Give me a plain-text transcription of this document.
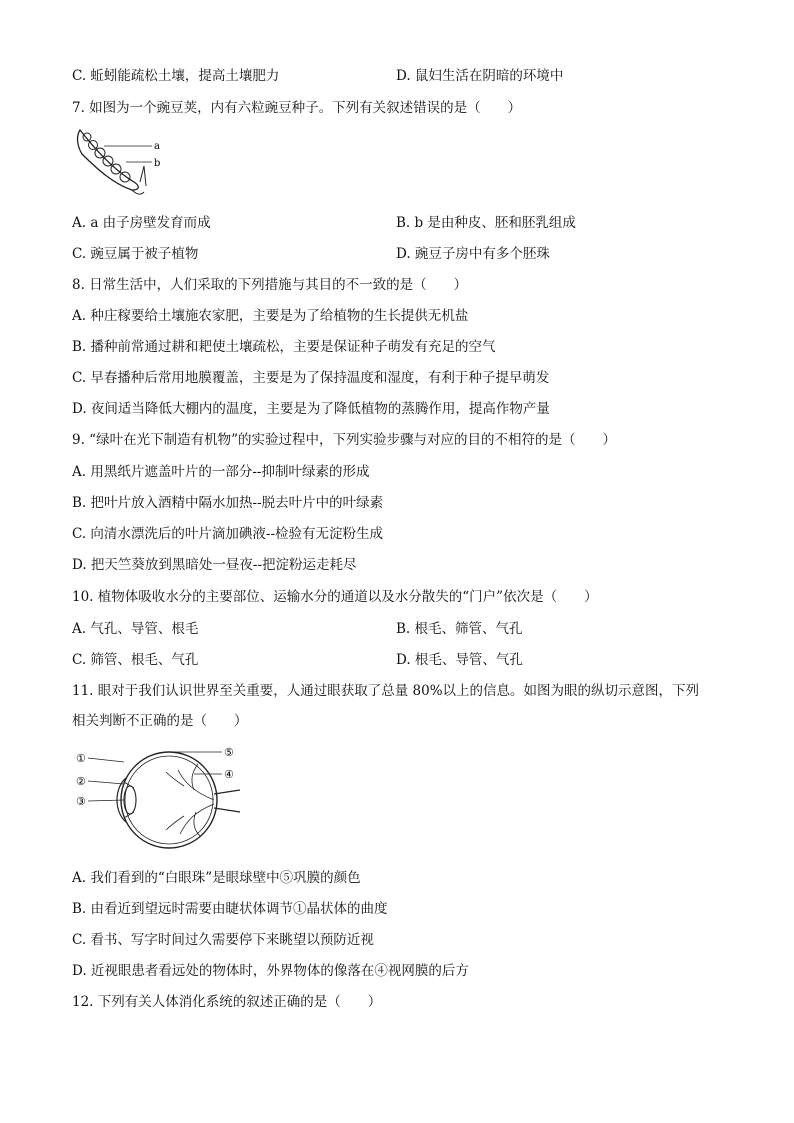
C. 蚯蚓能疏松土壤，提高土壤肥力	D. 鼠妇生活在阴暗的环境中
7. 如图为一个豌豆荚，内有六粒豌豆种子。下列有关叙述错误的是（　　）
a
b
A. a 由子房壁发育而成	B. b 是由种皮、胚和胚乳组成
C. 豌豆属于被子植物	D. 豌豆子房中有多个胚珠
8. 日常生活中，人们采取的下列措施与其目的不一致的是（　　）
A. 种庄稼要给土壤施农家肥，主要是为了给植物的生长提供无机盐
B. 播种前常通过耕和耙使土壤疏松，主要是保证种子萌发有充足的空气
C. 早春播种后常用地膜覆盖，主要是为了保持温度和湿度，有利于种子提早萌发
D. 夜间适当降低大棚内的温度，主要是为了降低植物的蒸腾作用，提高作物产量
9. “绿叶在光下制造有机物”的实验过程中，下列实验步骤与对应的目的不相符的是（　　）
A. 用黑纸片遮盖叶片的一部分--抑制叶绿素的形成
B. 把叶片放入酒精中隔水加热--脱去叶片中的叶绿素
C. 向清水漂洗后的叶片滴加碘液--检验有无淀粉生成
D. 把天竺葵放到黑暗处一昼夜--把淀粉运走耗尽
10. 植物体吸收水分的主要部位、运输水分的通道以及水分散失的“门户”依次是（　　）
A. 气孔、导管、根毛	B. 根毛、筛管、气孔
C. 筛管、根毛、气孔	D. 根毛、导管、气孔
11. 眼对于我们认识世界至关重要，人通过眼获取了总量 80%以上的信息。如图为眼的纵切示意图，下列
相关判断不正确的是（　　）
①
②
③
⑤
④
A. 我们看到的“白眼珠”是眼球壁中⑤巩膜的颜色
B. 由看近到望远时需要由睫状体调节①晶状体的曲度
C. 看书、写字时间过久需要停下来眺望以预防近视
D. 近视眼患者看远处的物体时，外界物体的像落在④视网膜的后方
12. 下列有关人体消化系统的叙述正确的是（　　）
